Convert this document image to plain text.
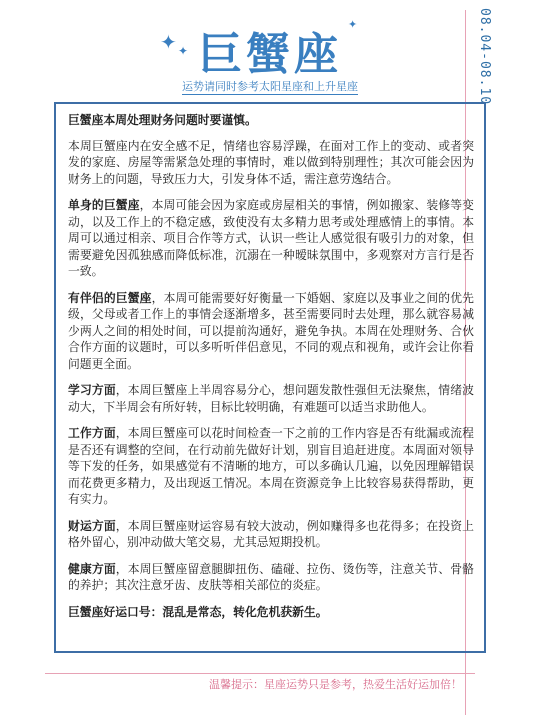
08.04-08.10
✦ ✦
✦
巨蟹座
运势请同时参考太阳星座和上升星座

巨蟹座本周处理财务问题时要谨慎。

本周巨蟹座内在安全感不足，情绪也容易浮躁，在面对工作上的变动、或者突发的家庭、房屋等需紧急处理的事情时，难以做到特别理性；其次可能会因为财务上的问题，导致压力大，引发身体不适，需注意劳逸结合。

单身的巨蟹座，本周可能会因为家庭或房屋相关的事情，例如搬家、装修等变动，以及工作上的不稳定感，致使没有太多精力思考或处理感情上的事情。本周可以通过相亲、项目合作等方式，认识一些让人感觉很有吸引力的对象，但需要避免因孤独感而降低标准，沉溺在一种暧昧氛围中，多观察对方言行是否一致。

有伴侣的巨蟹座，本周可能需要好好衡量一下婚姻、家庭以及事业之间的优先级，父母或者工作上的事情会逐渐增多，甚至需要同时去处理，那么就容易减少两人之间的相处时间，可以提前沟通好，避免争执。本周在处理财务、合伙合作方面的议题时，可以多听听伴侣意见，不同的观点和视角，或许会让你看问题更全面。

学习方面，本周巨蟹座上半周容易分心，想问题发散性强但无法聚焦，情绪波动大，下半周会有所好转，目标比较明确，有难题可以适当求助他人。

工作方面，本周巨蟹座可以花时间检查一下之前的工作内容是否有纰漏或流程是否还有调整的空间，在行动前先做好计划，别盲目追赶进度。本周面对领导等下发的任务，如果感觉有不清晰的地方，可以多确认几遍，以免因理解错误而花费更多精力，及出现返工情况。本周在资源竞争上比较容易获得帮助，更有实力。

财运方面，本周巨蟹座财运容易有较大波动，例如赚得多也花得多；在投资上格外留心，别冲动做大笔交易，尤其忌短期投机。

健康方面，本周巨蟹座留意腿脚扭伤、磕碰、拉伤、烫伤等，注意关节、骨骼的养护；其次注意牙齿、皮肤等相关部位的炎症。

巨蟹座好运口号：混乱是常态，转化危机获新生。

温馨提示：星座运势只是参考，热爱生活好运加倍！
